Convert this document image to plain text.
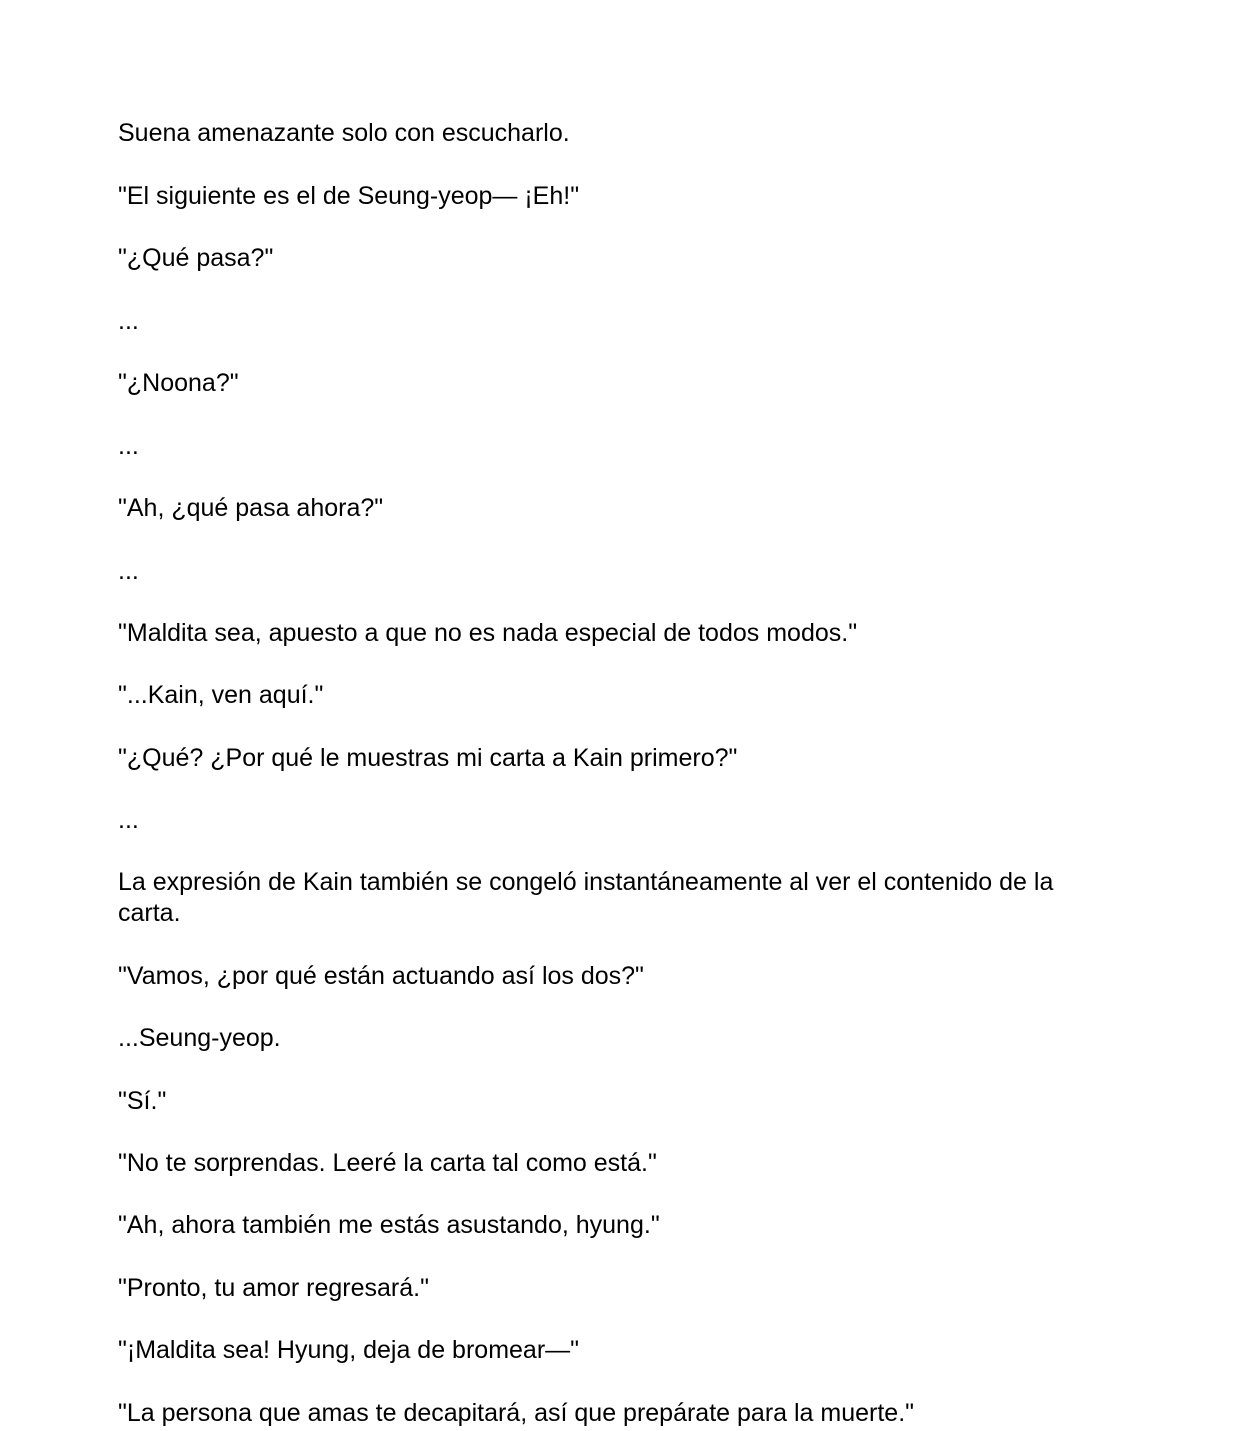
Suena amenazante solo con escucharlo.

"El siguiente es el de Seung-yeop— ¡Eh!"

"¿Qué pasa?"

...

"¿Noona?"

...

"Ah, ¿qué pasa ahora?"

...

"Maldita sea, apuesto a que no es nada especial de todos modos."

"...Kain, ven aquí."

"¿Qué? ¿Por qué le muestras mi carta a Kain primero?"

...

La expresión de Kain también se congeló instantáneamente al ver el contenido de la carta.

"Vamos, ¿por qué están actuando así los dos?"

...Seung-yeop.

"Sí."

"No te sorprendas. Leeré la carta tal como está."

"Ah, ahora también me estás asustando, hyung."

"Pronto, tu amor regresará."

"¡Maldita sea! Hyung, deja de bromear—"

"La persona que amas te decapitará, así que prepárate para la muerte."
